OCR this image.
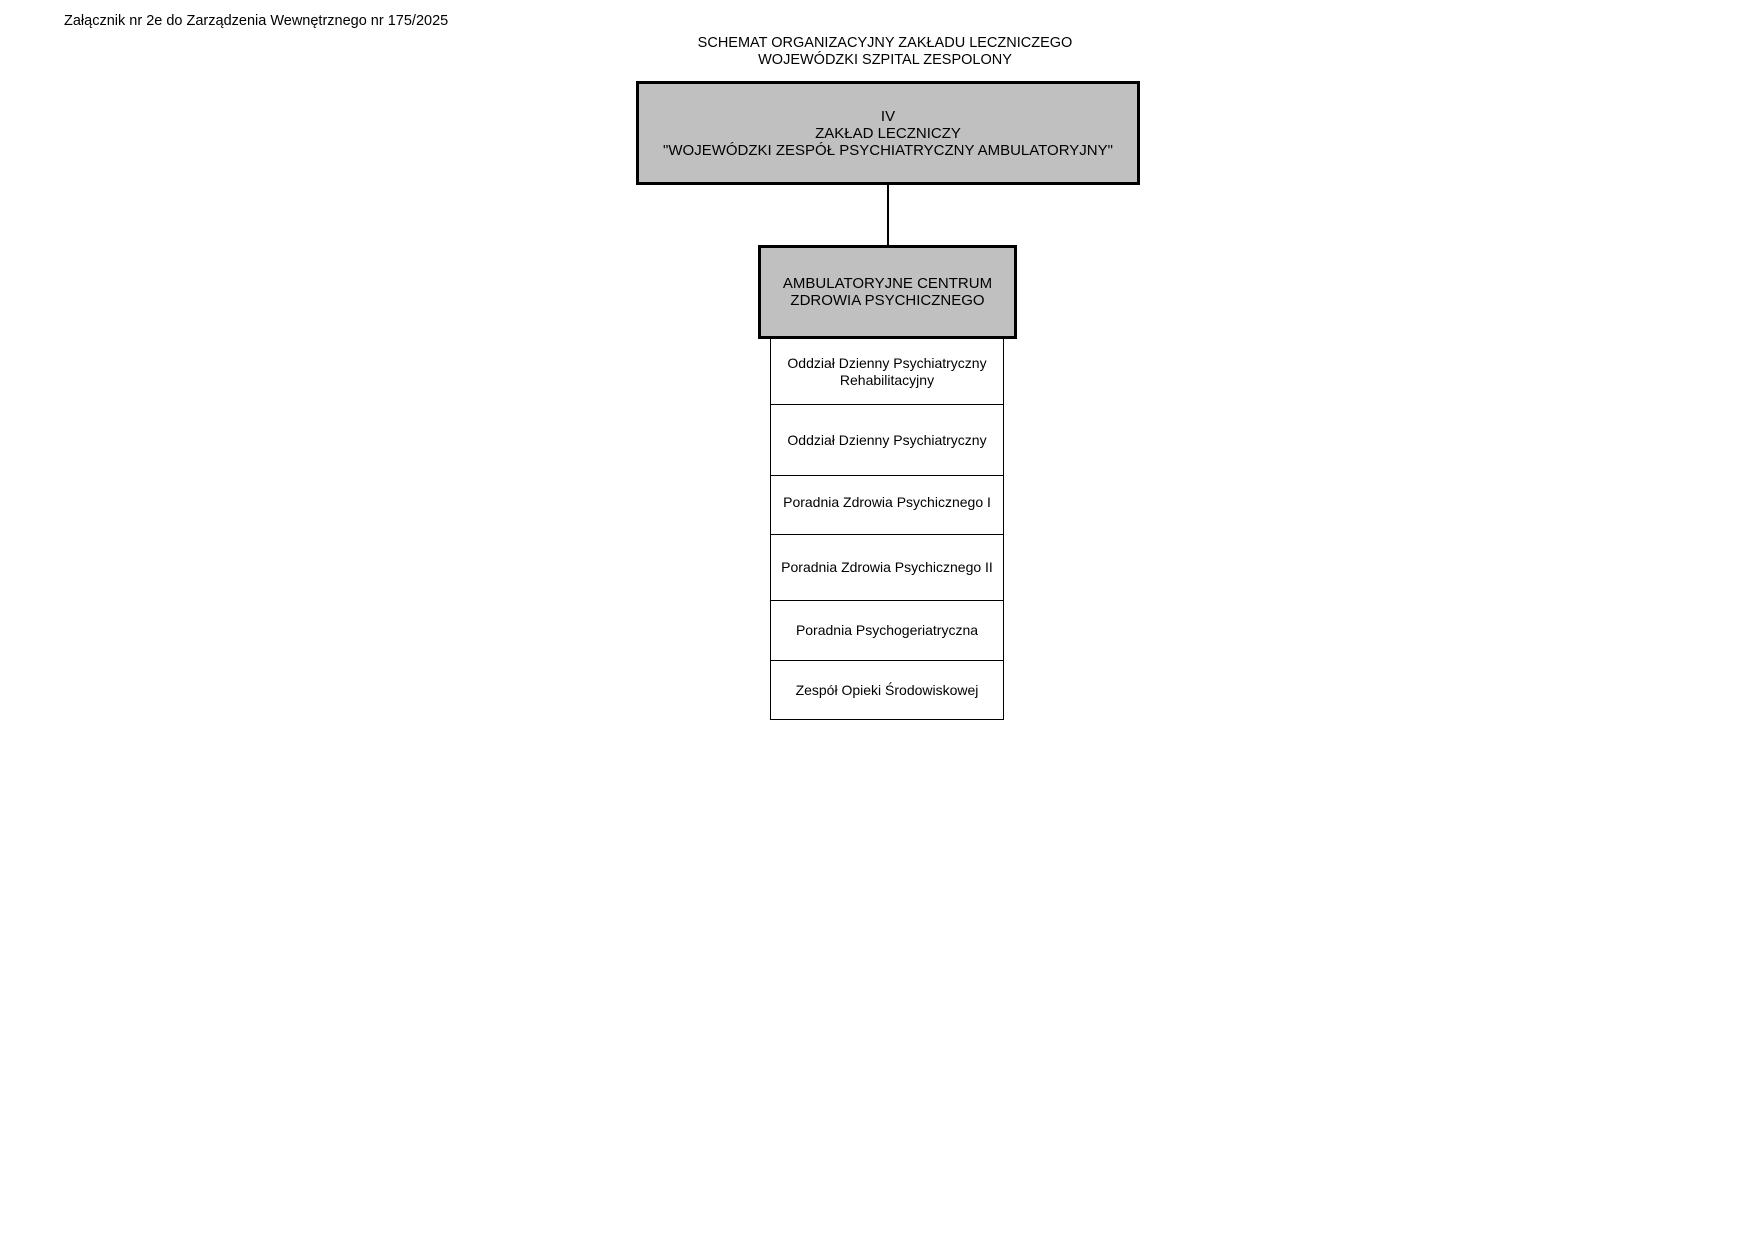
Załącznik nr 2e do Zarządzenia Wewnętrznego nr 175/2025
SCHEMAT ORGANIZACYJNY ZAKŁADU LECZNICZEGO
WOJEWÓDZKI SZPITAL ZESPOLONY
IV
ZAKŁAD LECZNICZY
"WOJEWÓDZKI ZESPÓŁ PSYCHIATRYCZNY AMBULATORYJNY"
AMBULATORYJNE CENTRUM
ZDROWIA PSYCHICZNEGO
Oddział Dzienny Psychiatryczny
Rehabilitacyjny
Oddział Dzienny Psychiatryczny
Poradnia Zdrowia Psychicznego I
Poradnia Zdrowia Psychicznego II
Poradnia Psychogeriatryczna
Zespół Opieki Środowiskowej
